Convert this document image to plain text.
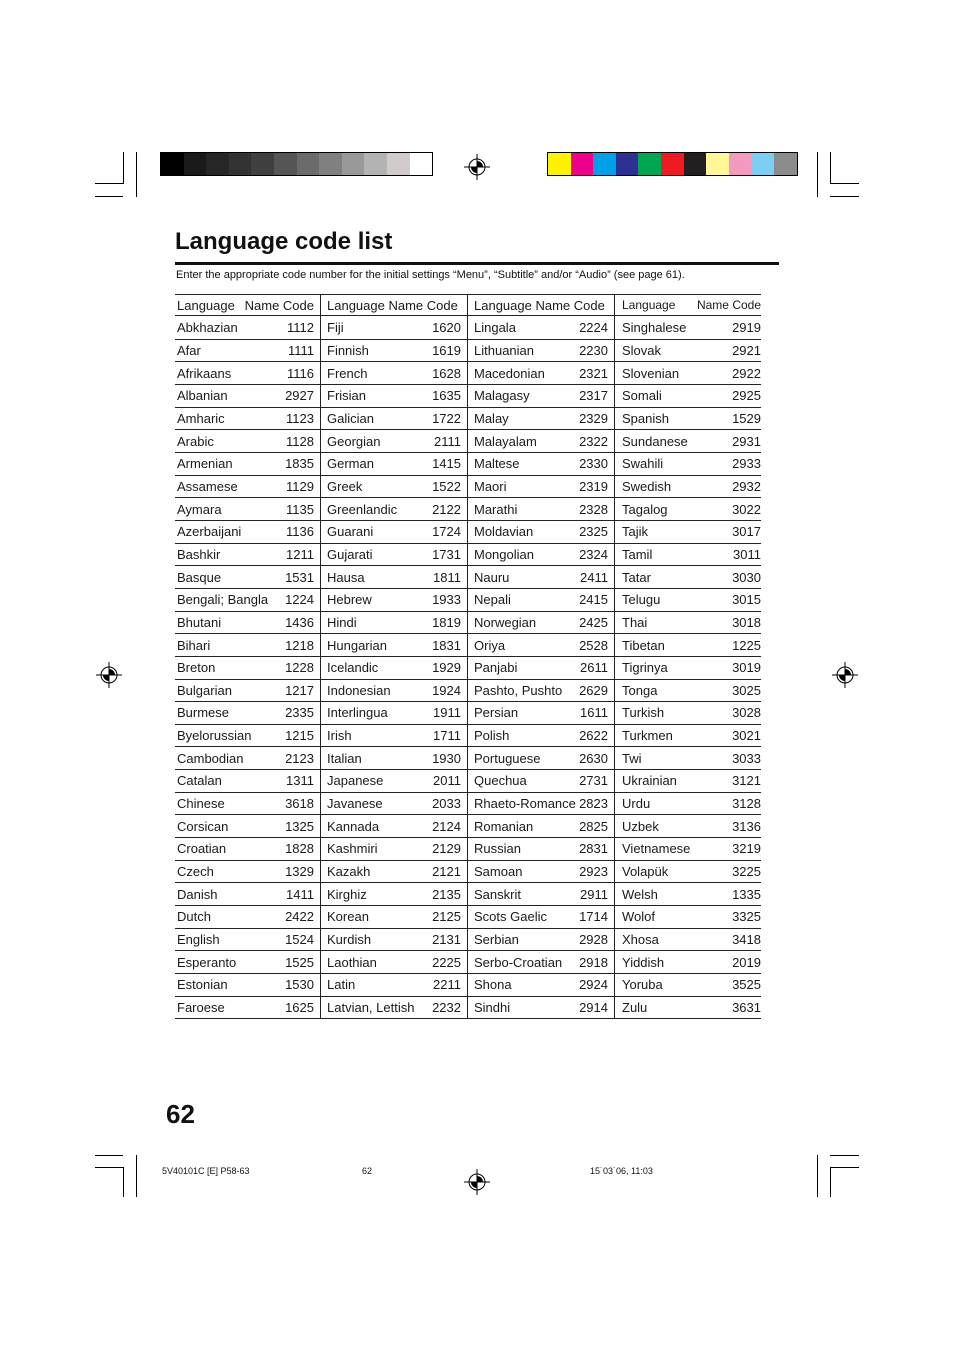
Language code list
Enter the appropriate code number for the initial settings “Menu”, “Subtitle” and/or “Audio” (see page 61).
Language Name Code
Abkhazian	1112
Afar	1111
Afrikaans	1116
Albanian	2927
Amharic	1123
Arabic	1128
Armenian	1835
Assamese	1129
Aymara	1135
Azerbaijani	1136
Bashkir	1211
Basque	1531
Bengali; Bangla	1224
Bhutani	1436
Bihari	1218
Breton	1228
Bulgarian	1217
Burmese	2335
Byelorussian	1215
Cambodian	2123
Catalan	1311
Chinese	3618
Corsican	1325
Croatian	1828
Czech	1329
Danish	1411
Dutch	2422
English	1524
Esperanto	1525
Estonian	1530
Faroese	1625
Language Name Code
Fiji	1620
Finnish	1619
French	1628
Frisian	1635
Galician	1722
Georgian	2111
German	1415
Greek	1522
Greenlandic	2122
Guarani	1724
Gujarati	1731
Hausa	1811
Hebrew	1933
Hindi	1819
Hungarian	1831
Icelandic	1929
Indonesian	1924
Interlingua	1911
Irish	1711
Italian	1930
Japanese	2011
Javanese	2033
Kannada	2124
Kashmiri	2129
Kazakh	2121
Kirghiz	2135
Korean	2125
Kurdish	2131
Laothian	2225
Latin	2211
Latvian, Lettish	2232
Language Name Code
Lingala	2224
Lithuanian	2230
Macedonian	2321
Malagasy	2317
Malay	2329
Malayalam	2322
Maltese	2330
Maori	2319
Marathi	2328
Moldavian	2325
Mongolian	2324
Nauru	2411
Nepali	2415
Norwegian	2425
Oriya	2528
Panjabi	2611
Pashto, Pushto	2629
Persian	1611
Polish	2622
Portuguese	2630
Quechua	2731
Rhaeto-Romance 2823
Romanian	2825
Russian	2831
Samoan	2923
Sanskrit	2911
Scots Gaelic	1714
Serbian	2928
Serbo-Croatian	2918
Shona	2924
Sindhi	2914
Language	Name Code
Singhalese	2919
Slovak	2921
Slovenian	2922
Somali	2925
Spanish	1529
Sundanese	2931
Swahili	2933
Swedish	2932
Tagalog	3022
Tajik	3017
Tamil	3011
Tatar	3030
Telugu	3015
Thai	3018
Tibetan	1225
Tigrinya	3019
Tonga	3025
Turkish	3028
Turkmen	3021
Twi	3033
Ukrainian	3121
Urdu	3128
Uzbek	3136
Vietnamese	3219
Volapük	3225
Welsh	1335
Wolof	3325
Xhosa	3418
Yiddish	2019
Yoruba	3525
Zulu	3631
62
5V40101C [E] P58-63	62	15˙03˙06, 11:03
